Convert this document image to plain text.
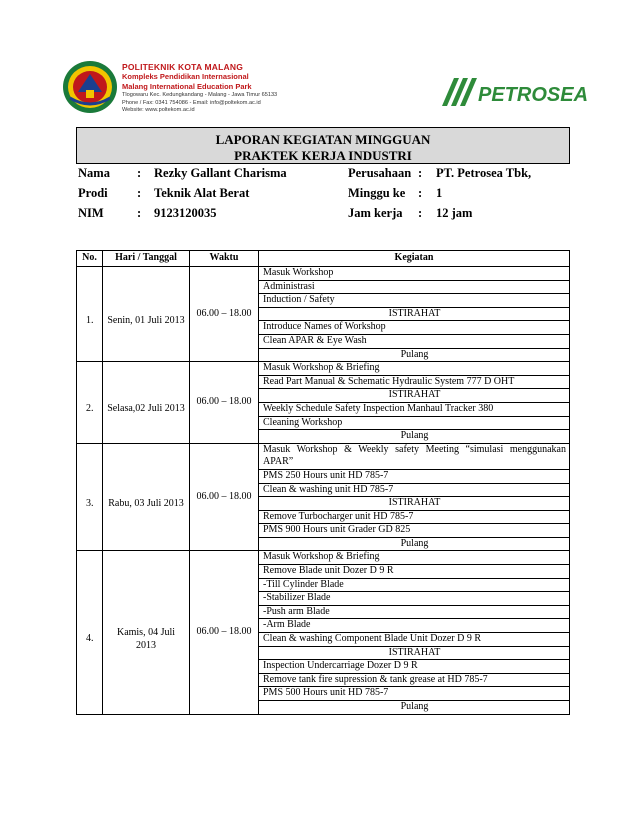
POLITEKNIK KOTA MALANG
Kompleks Pendidikan Internasional
Malang International Education Park
Tlogowaru Kec. Kedungkandang - Malang - Jawa Timur 65133
Phone / Fax: 0341 754086 - Email: info@poltekom.ac.id
Website: www.poltekom.ac.id
PETROSEA
LAPORAN KEGIATAN MINGGUAN
PRAKTEK KERJA INDUSTRI
Nama : Rezky Gallant Charisma	Perusahaan : PT. Petrosea Tbk,
Prodi : Teknik Alat Berat	Minggu ke : 1
NIM	: 9123120035	Jam kerja : 12 jam
No.	Hari / Tanggal	Waktu	Kegiatan
1.	Senin, 01 Juli 2013	06.00 – 18.00	Masuk Workshop
			Administrasi
			Induction / Safety
			ISTIRAHAT
			Introduce Names of Workshop
			Clean APAR & Eye Wash
			Pulang
2.	Selasa,02 Juli 2013	06.00 – 18.00	Masuk Workshop & Briefing
			Read Part Manual & Schematic Hydraulic System 777 D OHT
			ISTIRAHAT
			Weekly Schedule Safety Inspection Manhaul Tracker 380
			Cleaning Workshop
			Pulang
3.	Rabu, 03 Juli 2013	06.00 – 18.00	Masuk Workshop & Weekly safety Meeting “simulasi menggunakan APAR”
			PMS 250 Hours unit HD 785-7
			Clean & washing unit HD 785-7
			ISTIRAHAT
			Remove Turbocharger unit HD 785-7
			PMS 900 Hours unit Grader GD 825
			Pulang
4.	Kamis, 04 Juli 2013	06.00 – 18.00	Masuk Workshop & Briefing
			Remove Blade unit Dozer D 9 R
			-Till Cylinder Blade
			-Stabilizer Blade
			-Push arm Blade
			-Arm Blade
			Clean & washing Component Blade Unit Dozer D 9 R
			ISTIRAHAT
			Inspection Undercarriage Dozer D 9 R
			Remove tank fire supression & tank grease at HD 785-7
			PMS 500 Hours unit HD 785-7
			Pulang
